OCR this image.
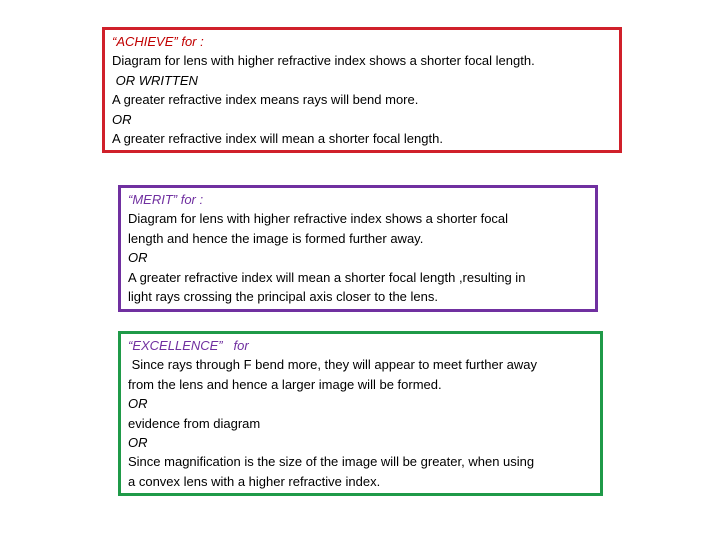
“ACHIEVE” for :
Diagram for lens with higher refractive index shows a shorter focal length.
OR WRITTEN
A greater refractive index means rays will bend more.
OR
A greater refractive index will mean a shorter focal length.
“MERIT” for :
Diagram for lens with higher refractive index shows a shorter focal
length and hence the image is formed further away.
OR
A greater refractive index will mean a shorter focal length ,resulting in
light rays crossing the principal axis closer to the lens.
“EXCELLENCE”   for
Since rays through F bend more, they will appear to meet further away
from the lens and hence a larger image will be formed.
OR
evidence from diagram
OR
Since magnification is the size of the image will be greater, when using
a convex lens with a higher refractive index.
